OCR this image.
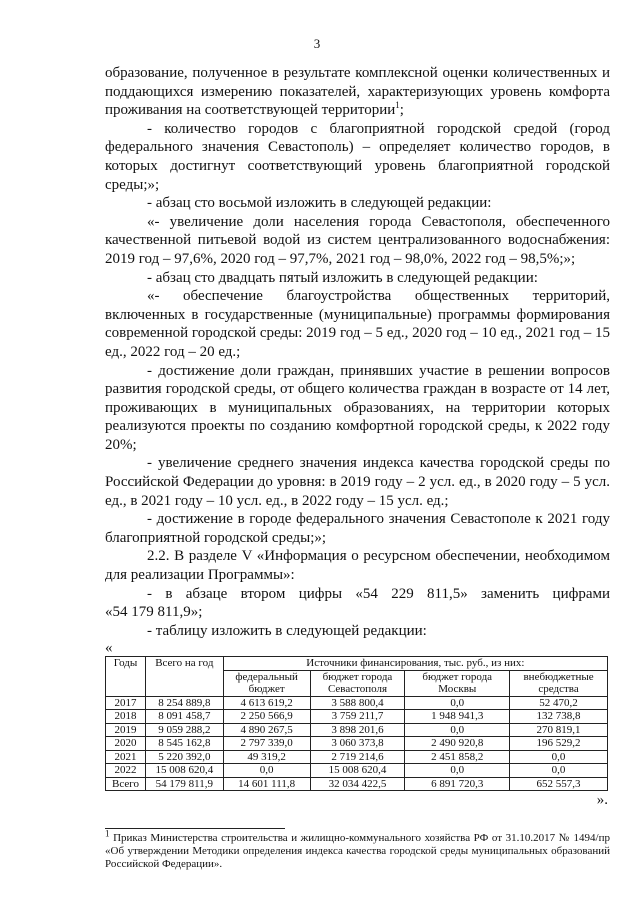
3

образование, полученное в результате комплексной оценки количественных и поддающихся измерению показателей, характеризующих уровень комфорта проживания на соответствующей территории$^1$;

- количество городов с благоприятной городской средой (город федерального значения Севастополь) – определяет количество городов, в которых достигнут соответствующий уровень благоприятной городской среды;»;

- абзац сто восьмой изложить в следующей редакции:

«- увеличение доли населения города Севастополя, обеспеченного качественной питьевой водой из систем централизованного водоснабжения: 2019 год – 97,6%, 2020 год – 97,7%, 2021 год – 98,0%, 2022 год – 98,5%;»;

- абзац сто двадцать пятый изложить в следующей редакции:

«- обеспечение благоустройства общественных территорий, включенных в государственные (муниципальные) программы формирования современной городской среды: 2019 год – 5 ед., 2020 год – 10 ед., 2021 год – 15 ед., 2022 год – 20 ед.;

- достижение доли граждан, принявших участие в решении вопросов развития городской среды, от общего количества граждан в возрасте от 14 лет, проживающих в муниципальных образованиях, на территории которых реализуются проекты по созданию комфортной городской среды, к 2022 году 20%;

- увеличение среднего значения индекса качества городской среды по Российской Федерации до уровня: в 2019 году – 2 усл. ед., в 2020 году – 5 усл. ед., в 2021 году – 10 усл. ед., в 2022 году – 15 усл. ед.;

- достижение в городе федерального значения Севастополе к 2021 году благоприятной городской среды;»;

2.2. В разделе V «Информация о ресурсном обеспечении, необходимом для реализации Программы»:

- в абзаце втором цифры «54 229 811,5» заменить цифрами

«54 179 811,9»;

- таблицу изложить в следующей редакции:

«

Годы	Всего на год	Источники финансирования, тыс. руб., из них:			
		федеральный бюджет	бюджет города Севастополя	бюджет города Москвы	внебюджетные средства
2017	8 254 889,8	4 613 619,2	3 588 800,4	0,0	52 470,2
2018	8 091 458,7	2 250 566,9	3 759 211,7	1 948 941,3	132 738,8
2019	9 059 288,2	4 890 267,5	3 898 201,6	0,0	270 819,1
2020	8 545 162,8	2 797 339,0	3 060 373,8	2 490 920,8	196 529,2
2021	5 220 392,0	49 319,2	2 719 214,6	2 451 858,2	0,0
2022	15 008 620,4	0,0	15 008 620,4	0,0	0,0
Всего	54 179 811,9	14 601 111,8	32 034 422,5	6 891 720,3	652 557,3
».
$^1$ Приказ Министерства строительства и жилищно-коммунального хозяйства РФ от 31.10.2017 № 1494/пр «Об утверждении Методики определения индекса качества городской среды муниципальных образований Российской Федерации».
